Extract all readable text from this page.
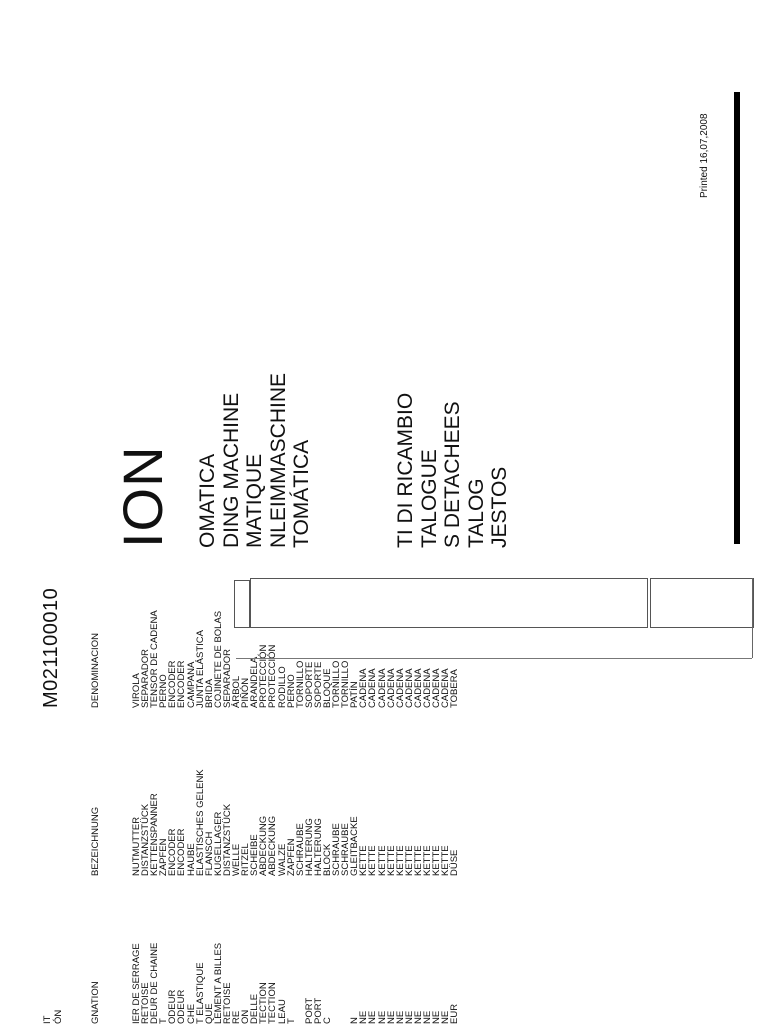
Printed 16,07,2008
ION OMATICA DING MACHINE MATIQUE NLEIMMASCHINE TOMÁTICA	TI DI RICAMBIO TALOGUE S DETACHEES TALOG JESTOS
M021100010
IT ÓN	GNATION
BEZEICHNUNG
DENOMINACION
IER DE SERRAGE
RETOISE
DEUR DE CHAINE
T
ODEUR
ODEUR
CHE
T ELASTIQUE
QUE
LEMENT A BILLES
RETOISE
RE
ON
DELLE
TECTION
TECTION
LEAU
T PORT
PORT
C N
NE
NE
NE
NE
NE
NE
NE
NE
NE
NE
EUR
NUTMUTTER
DISTANZSTÜCK
KETTENSPANNER
ZAPFEN
ENCODER
ENCODER
HAUBE
ELASTISCHES GELENK
FLANSCH
KUGELLAGER
DISTANZSTÜCK
WELLE
RITZEL
SCHEIBE
ABDECKUNG
ABDECKUNG
WALZE
ZAPFEN
SCHRAUBE
HALTERUNG
HALTERUNG
BLOCK
SCHRAUBE
SCHRAUBE
GLEITBACKE
KETTE
KETTE
KETTE
KETTE
KETTE
KETTE
KETTE
KETTE
KETTE
KETTE
DÜSE
VIROLA
SEPARADOR
TENSOR DE CADENA
PERNO
ENCODER
ENCODER
CAMPANA
JUNTA ELÁSTICA
BRIDA
COJINETE DE BOLAS
SEPARADOR
ÁRBOL
PIÑÓN
ARANDELA
PROTECCIÓN
PROTECCIÓN
RODILLO
PERNO
TORNILLO
SOPORTE
SOPORTE
BLOQUE
TORNILLO
TORNILLO
PATÍN
CADENA
CADENA
CADENA
CADENA
CADENA
CADENA
CADENA
CADENA
CADENA
CADENA
TOBERA
